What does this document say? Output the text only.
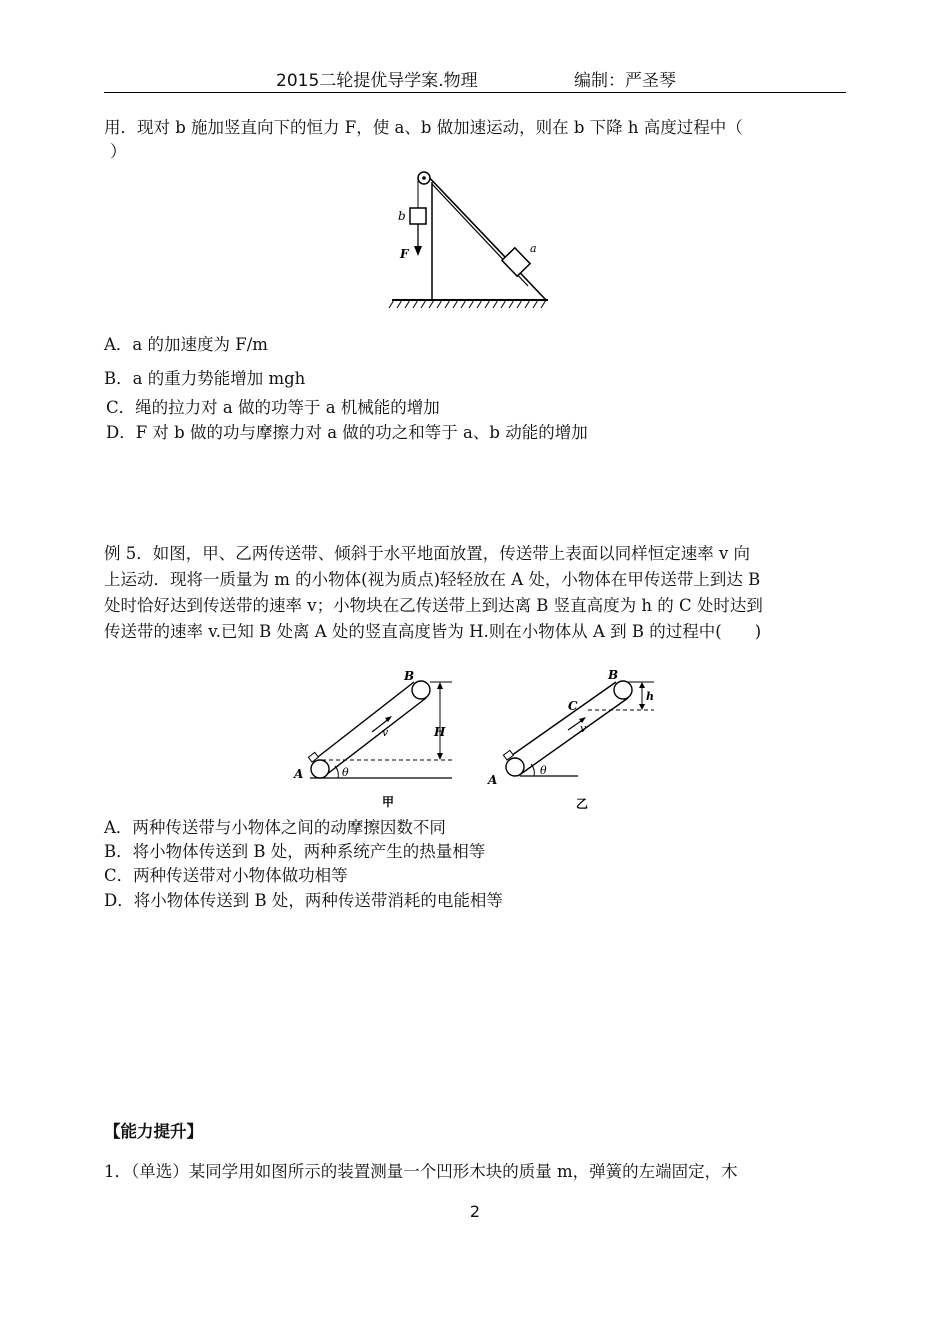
2015二轮提优导学案.物理	编制：严圣琴
用．现对 b 施加竖直向下的恒力 F，使 a、b 做加速运动，则在 b 下降 h 高度过程中（
）
b
F	a
A．a 的加速度为 F/m
B．a 的重力势能增加 mgh
C．绳的拉力对 a 做的功等于 a 机械能的增加
D．F 对 b 做的功与摩擦力对 a 做的功之和等于 a、b 动能的增加
例 5．如图，甲、乙两传送带、倾斜于水平地面放置，传送带上表面以同样恒定速率 v 向
上运动．现将一质量为 m 的小物体(视为质点)轻轻放在 A 处，小物体在甲传送带上到达 B
处时恰好达到传送带的速率 v；小物块在乙传送带上到达离 B 竖直高度为 h 的 C 处时达到
传送带的速率 v.已知 B 处离 A 处的竖直高度皆为 H.则在小物体从 A 到 B 的过程中(　　)
B
A
H
v
θ
甲
B
C
A
h
v
θ
乙
A．两种传送带与小物体之间的动摩擦因数不同
B．将小物体传送到 B 处，两种系统产生的热量相等
C．两种传送带对小物体做功相等
D．将小物体传送到 B 处，两种传送带消耗的电能相等
【能力提升】
1．（单选）某同学用如图所示的装置测量一个凹形木块的质量 m，弹簧的左端固定，木
2
